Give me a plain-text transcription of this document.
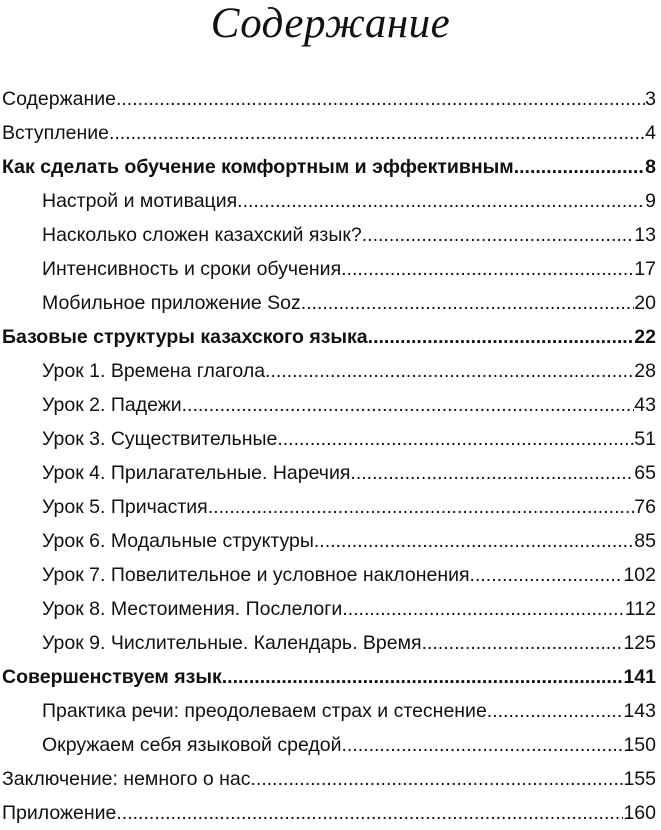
Содержание
Содержание .....	3
Вступление .....	4
Как сделать обучение комфортным и эффективным .....	8
Настрой и мотивация .....	9
Насколько сложен казахский язык? .....	13
Интенсивность и сроки обучения .....	17
Мобильное приложение Soz .....	20
Базовые структуры казахского языка .....	22
Урок 1. Времена глагола .....	28
Урок 2. Падежи .....	43
Урок 3. Существительные .....	51
Урок 4. Прилагательные. Наречия .....	65
Урок 5. Причастия .....	76
Урок 6. Модальные структуры .....	85
Урок 7. Повелительное и условное наклонения .....	102
Урок 8. Местоимения. Послелоги .....	112
Урок 9. Числительные. Календарь. Время .....	125
Совершенствуем язык .....	141
Практика речи: преодолеваем страх и стеснение .....	143
Окружаем себя языковой средой .....	150
Заключение: немного о нас .....	155
Приложение .....	160
